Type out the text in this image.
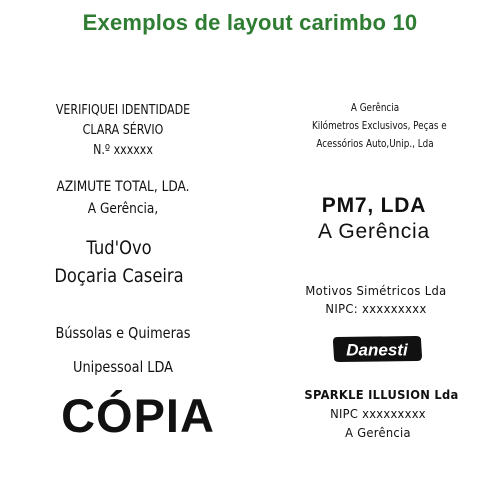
Exemplos de layout carimbo 10
VERIFIQUEI IDENTIDADE
CLARA SÉRVIO
N.º xxxxxx
AZIMUTE TOTAL, LDA.
A Gerência,
Tud'Ovo
Doçaria Caseira
Bússolas e Quimeras
Unipessoal LDA
CÓPIA
A Gerência
Kilómetros Exclusivos, Peças e
Acessórios Auto,Unip., Lda
PM7, LDA
A Gerência
Motivos Simétricos Lda
NIPC: xxxxxxxxx
Danesti
SPARKLE ILLUSION Lda
NIPC xxxxxxxxx
A Gerência
